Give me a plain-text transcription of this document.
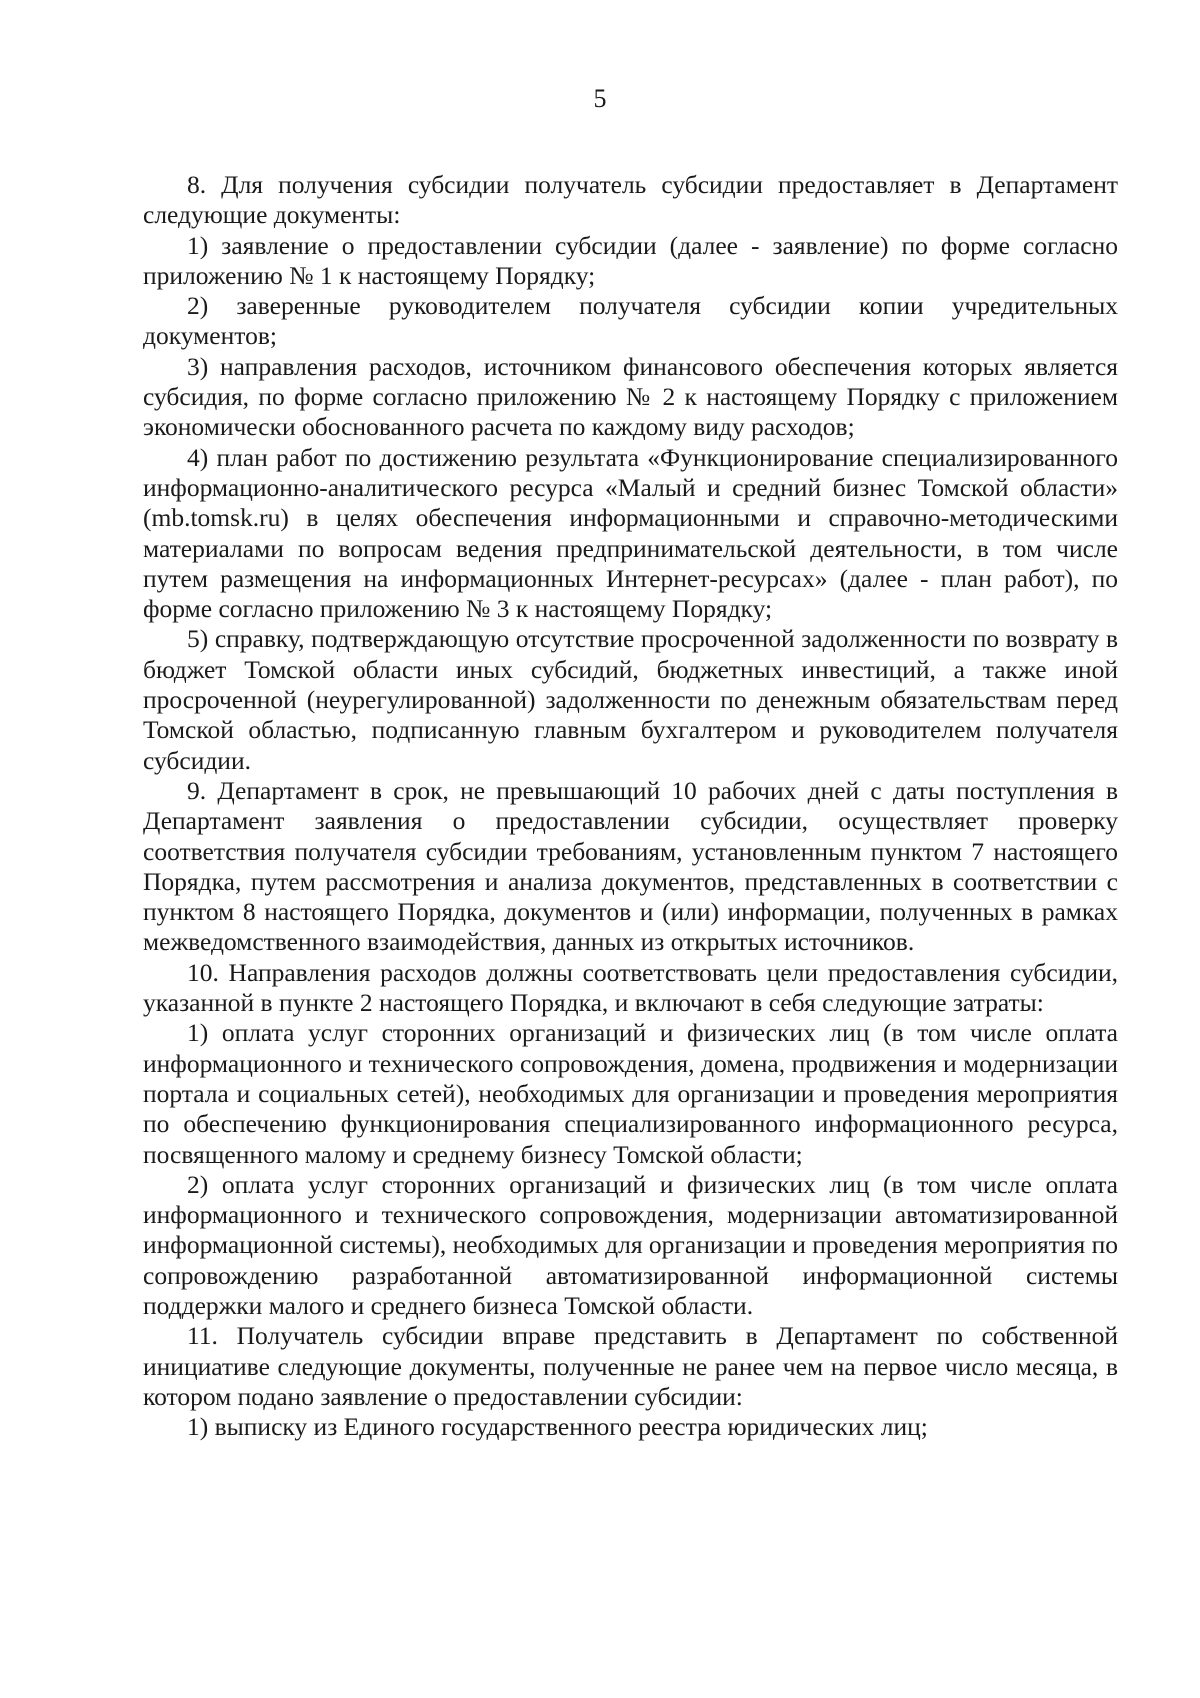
5

8. Для получения субсидии получатель субсидии предоставляет в Департамент следующие документы:

1) заявление о предоставлении субсидии (далее - заявление) по форме согласно приложению № 1 к настоящему Порядку;

2) заверенные руководителем получателя субсидии копии учредительных документов;

3) направления расходов, источником финансового обеспечения которых является субсидия, по форме согласно приложению № 2 к настоящему Порядку с приложением экономически обоснованного расчета по каждому виду расходов;

4) план работ по достижению результата «Функционирование специализированного информационно-аналитического ресурса «Малый и средний бизнес Томской области» (mb.tomsk.ru) в целях обеспечения информационными и справочно-методическими материалами по вопросам ведения предпринимательской деятельности, в том числе путем размещения на информационных Интернет-ресурсах» (далее - план работ), по форме согласно приложению № 3 к настоящему Порядку;

5) справку, подтверждающую отсутствие просроченной задолженности по возврату в бюджет Томской области иных субсидий, бюджетных инвестиций, а также иной просроченной (неурегулированной) задолженности по денежным обязательствам перед Томской областью, подписанную главным бухгалтером и руководителем получателя субсидии.

9. Департамент в срок, не превышающий 10 рабочих дней с даты поступления в Департамент заявления о предоставлении субсидии, осуществляет проверку соответствия получателя субсидии требованиям, установленным пунктом 7 настоящего Порядка, путем рассмотрения и анализа документов, представленных в соответствии с пунктом 8 настоящего Порядка, документов и (или) информации, полученных в рамках межведомственного взаимодействия, данных из открытых источников.

10. Направления расходов должны соответствовать цели предоставления субсидии, указанной в пункте 2 настоящего Порядка, и включают в себя следующие затраты:

1) оплата услуг сторонних организаций и физических лиц (в том числе оплата информационного и технического сопровождения, домена, продвижения и модернизации портала и социальных сетей), необходимых для организации и проведения мероприятия по обеспечению функционирования специализированного информационного ресурса, посвященного малому и среднему бизнесу Томской области;

2) оплата услуг сторонних организаций и физических лиц (в том числе оплата информационного и технического сопровождения, модернизации автоматизированной информационной системы), необходимых для организации и проведения мероприятия по сопровождению разработанной автоматизированной информационной системы поддержки малого и среднего бизнеса Томской области.

11. Получатель субсидии вправе представить в Департамент по собственной инициативе следующие документы, полученные не ранее чем на первое число месяца, в котором подано заявление о предоставлении субсидии:

1) выписку из Единого государственного реестра юридических лиц;
